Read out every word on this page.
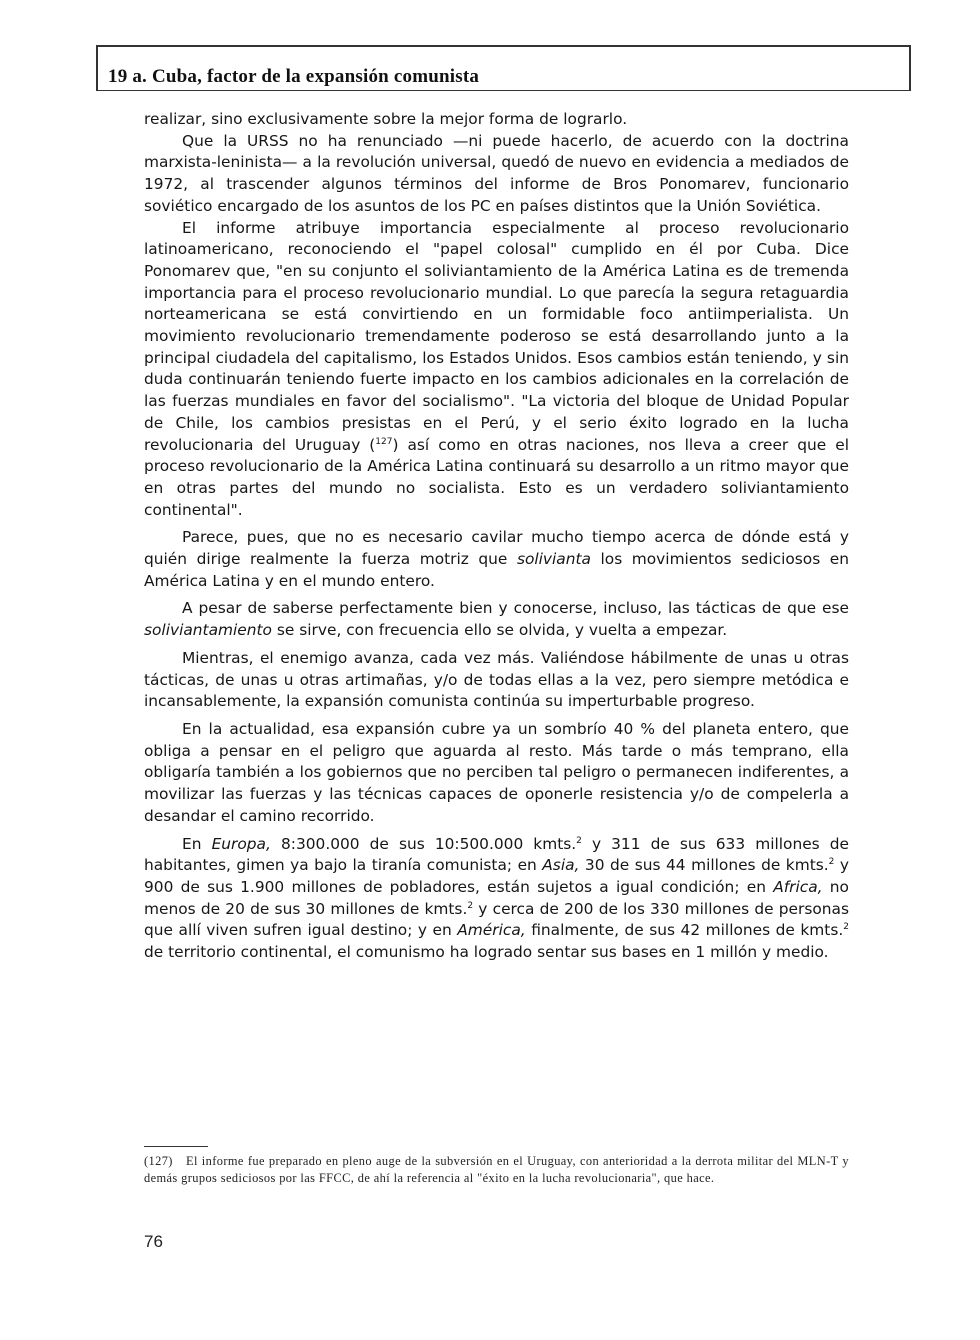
19 a. Cuba, factor de la expansión comunista

realizar, sino exclusivamente sobre la mejor forma de lograrlo.

Que la URSS no ha renunciado —ni puede hacerlo, de acuerdo con la doctrina marxista-leninista— a la revolución universal, quedó de nuevo en evidencia a mediados de 1972, al trascender algunos términos del informe de Bros Ponomarev, funcionario soviético encargado de los asuntos de los PC en países distintos que la Unión Soviética.

El informe atribuye importancia especialmente al proceso revolucionario latinoamericano, reconociendo el "papel colosal" cumplido en él por Cuba. Dice Ponomarev que, "en su conjunto el soliviantamiento de la América Latina es de tremenda importancia para el proceso revolucionario mundial. Lo que parecía la segura retaguardia norteamericana se está convirtiendo en un formidable foco antiimperialista. Un movimiento revolucionario tremendamente poderoso se está desarrollando junto a la principal ciudadela del capitalismo, los Estados Unidos. Esos cambios están teniendo, y sin duda continuarán teniendo fuerte impacto en los cambios adicionales en la correlación de las fuerzas mundiales en favor del socialismo". "La victoria del bloque de Unidad Popular de Chile, los cambios presistas en el Perú, y el serio éxito logrado en la lucha revolucionaria del Uruguay ($^{127}$) así como en otras naciones, nos lleva a creer que el proceso revolucionario de la América Latina continuará su desarrollo a un ritmo mayor que en otras partes del mundo no socialista. Esto es un verdadero soliviantamiento continental".

Parece, pues, que no es necesario cavilar mucho tiempo acerca de dónde está y quién dirige realmente la fuerza motriz que solivianta los movimientos sediciosos en América Latina y en el mundo entero.

A pesar de saberse perfectamente bien y conocerse, incluso, las tácticas de que ese soliviantamiento se sirve, con frecuencia ello se olvida, y vuelta a empezar.

Mientras, el enemigo avanza, cada vez más. Valiéndose hábilmente de unas u otras tácticas, de unas u otras artimañas, y/o de todas ellas a la vez, pero siempre metódica e incansablemente, la expansión comunista continúa su imperturbable progreso.

En la actualidad, esa expansión cubre ya un sombrío 40 % del planeta entero, que obliga a pensar en el peligro que aguarda al resto. Más tarde o más temprano, ella obligaría también a los gobiernos que no perciben tal peligro o permanecen indiferentes, a movilizar las fuerzas y las técnicas capaces de oponerle resistencia y/o de compelerla a desandar el camino recorrido.

En Europa, 8:300.000 de sus 10:500.000 kmts.$^2$ y 311 de sus 633 millones de habitantes, gimen ya bajo la tiranía comunista; en Asia, 30 de sus 44 millones de kmts.$^2$ y 900 de sus 1.900 millones de pobladores, están sujetos a igual condición; en Africa, no menos de 20 de sus 30 millones de kmts.$^2$ y cerca de 200 de los 330 millones de personas que allí viven sufren igual destino; y en América, finalmente, de sus 42 millones de kmts.$^2$ de territorio continental, el comunismo ha logrado sentar sus bases en 1 millón y medio.

(127) El informe fue preparado en pleno auge de la subversión en el Uruguay, con anterioridad a la derrota militar del MLN-T y demás grupos sediciosos por las FFCC, de ahí la referencia al "éxito en la lucha revolucionaria", que hace.
76
